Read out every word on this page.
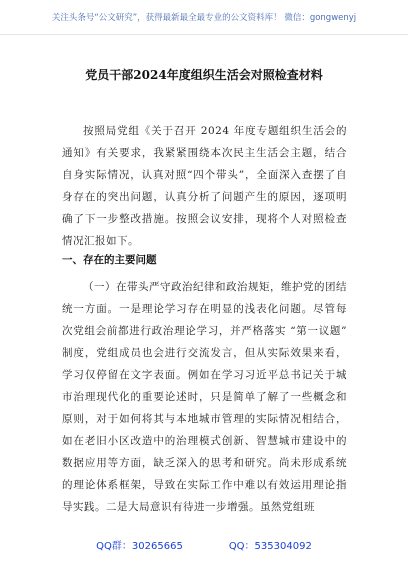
关注头条号“公文研究”，获得最新最全最专业的公文资料库！ 微信：gongwenyj
党员干部2024年度组织生活会对照检查材料
按照局党组《关于召开 2024 年度专题组织生活会的通知》有关要求，我紧紧围绕本次民主生活会主题，结合自身实际情况，认真对照“四个带头”，全面深入查摆了自身存在的突出问题，认真分析了问题产生的原因，逐项明确了下一步整改措施。按照会议安排，现将个人对照检查情况汇报如下。
一、存在的主要问题
（一）在带头严守政治纪律和政治规矩，维护党的团结统一方面。一是理论学习存在明显的浅表化问题。尽管每次党组会前都进行政治理论学习，并严格落实 “第一议题” 制度，党组成员也会进行交流发言，但从实际效果来看，学习仅停留在文字表面。例如在学习习近平总书记关于城市治理现代化的重要论述时，只是简单了解了一些概念和原则，对于如何将其与本地城市管理的实际情况相结合，如在老旧小区改造中的治理模式创新、智慧城市建设中的数据应用等方面，缺乏深入的思考和研究。尚未形成系统的理论体系框架，导致在实际工作中难以有效运用理论指导实践。二是大局意识有待进一步增强。虽然党组班
QQ群：30265665	QQ：535304092
